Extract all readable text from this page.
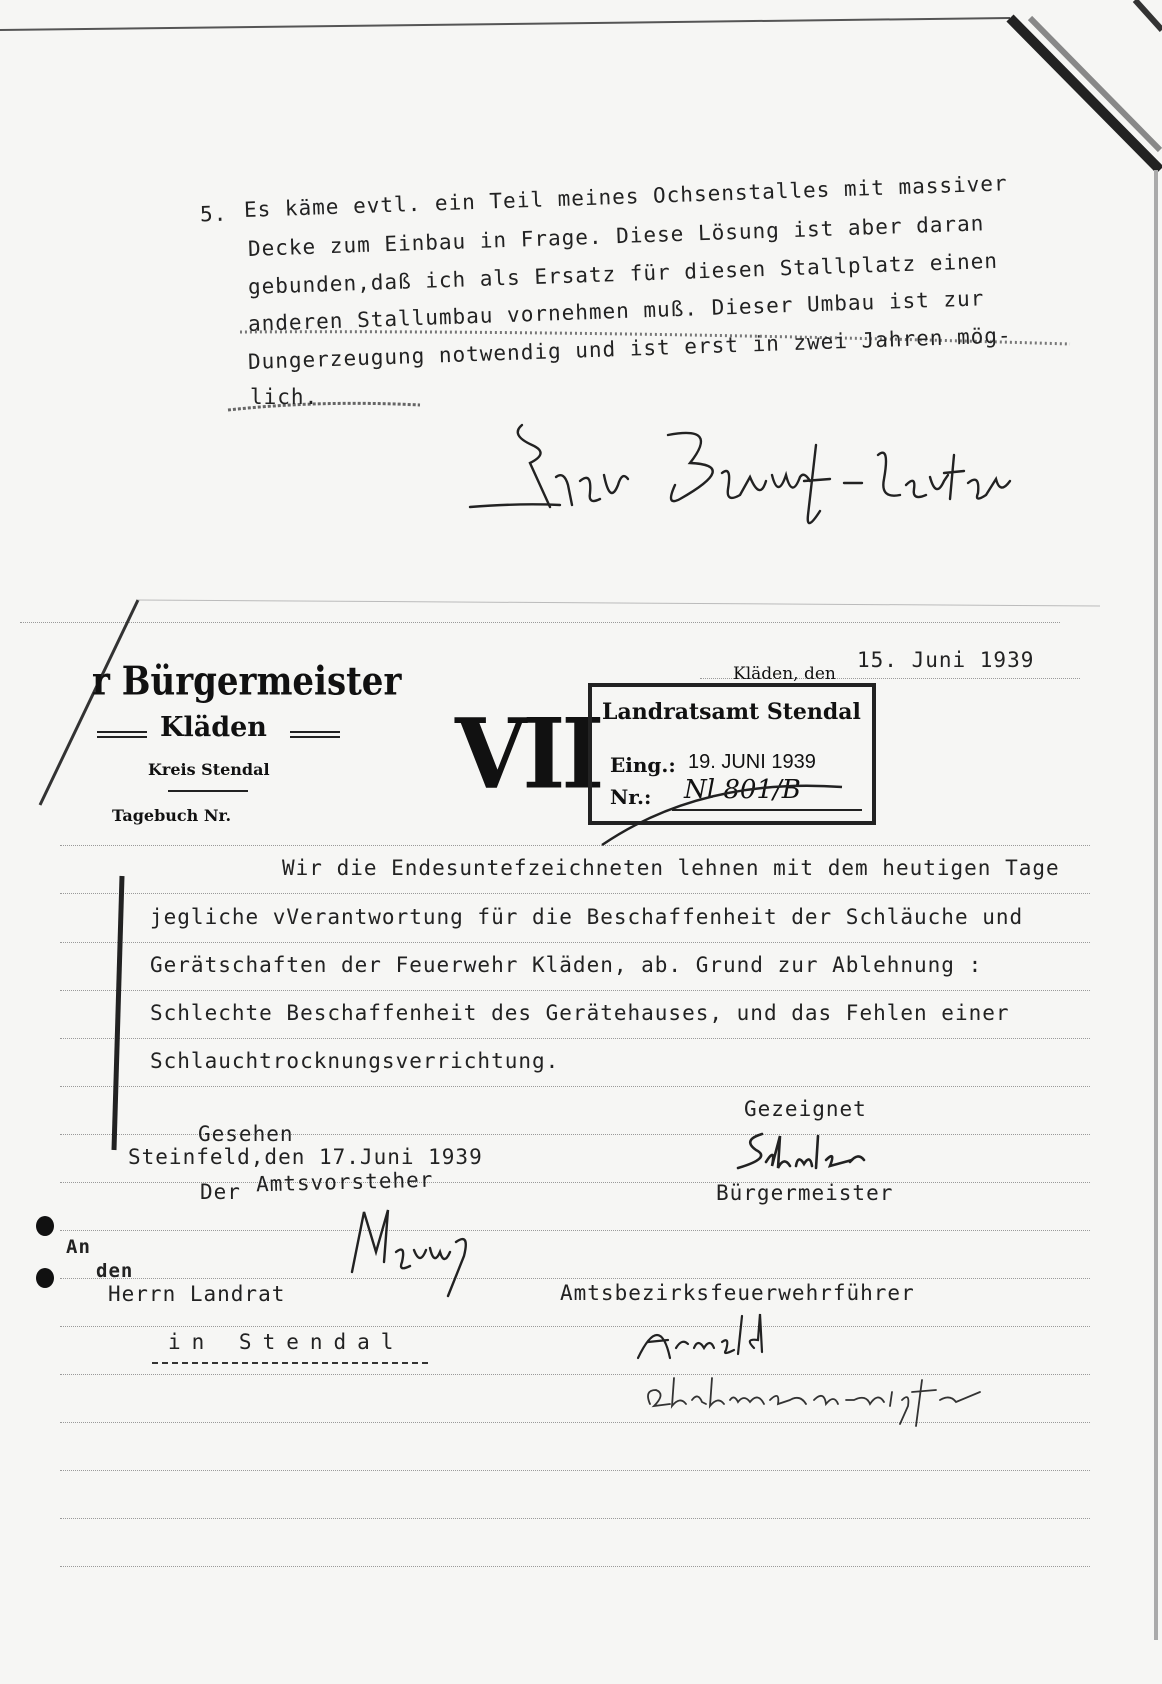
5. Es käme evtl. ein Teil meines Ochsenstalles mit massiver
Decke zum Einbau in Frage. Diese Lösung ist aber daran
gebunden,daß ich als Ersatz für diesen Stallplatz einen
anderen Stallumbau vornehmen muß. Dieser Umbau ist zur
Dungerzeugung notwendig und ist erst in zwei Jahren mög-
lich.
r Bürgermeister
Kläden
Kreis Stendal
Tagebuch Nr.
Kläden, den
15. Juni 1939
VII Landratsamt Stendal
Eing.: 19. JUNI 1939
Nr.: Nl 801/B
Wir die Endesuntefzeichneten lehnen mit dem heutigen Tage
jegliche vVerantwortung für die Beschaffenheit der Schläuche und
Gerätschaften der Feuerwehr Kläden, ab. Grund zur Ablehnung :
Schlechte Beschaffenheit des Gerätehauses, und das Fehlen einer
Schlauchtrocknungsverrichtung.
Gesehen
Steinfeld,den 17.Juni 1939
Der Amtsvorsteher
Gezeignet
Bürgermeister
Amtsbezirksfeuerwehrführer
An
den
Herrn Landrat
in Stendal
